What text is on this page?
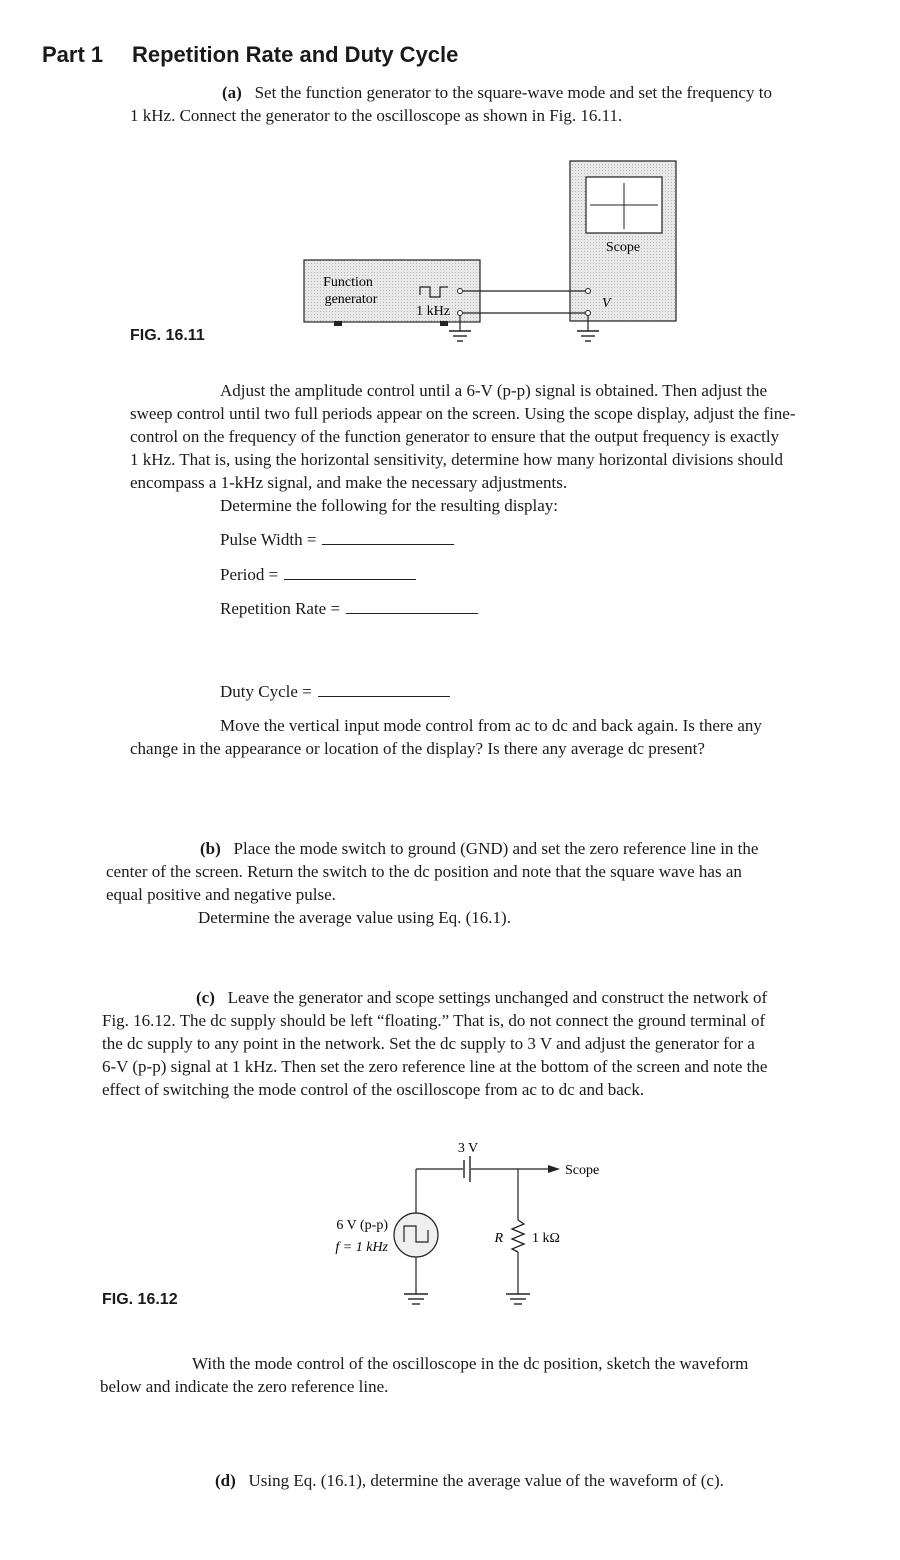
Part 1 Repetition Rate and Duty Cycle
(a) Set the function generator to the square-wave mode and set the frequency to
1 kHz. Connect the generator to the oscilloscope as shown in Fig. 16.11.
FIG. 16.11
Function
generator
1 kHz
Scope
V
Adjust the amplitude control until a 6-V (p-p) signal is obtained. Then adjust the
sweep control until two full periods appear on the screen. Using the scope display, adjust the fine-
control on the frequency of the function generator to ensure that the output frequency is exactly
1 kHz. That is, using the horizontal sensitivity, determine how many horizontal divisions should
encompass a 1-kHz signal, and make the necessary adjustments.
Determine the following for the resulting display:
Pulse Width =
Period =
Repetition Rate =
Duty Cycle =
Move the vertical input mode control from ac to dc and back again. Is there any
change in the appearance or location of the display? Is there any average dc present?
(b) Place the mode switch to ground (GND) and set the zero reference line in the
center of the screen. Return the switch to the dc position and note that the square wave has an
equal positive and negative pulse.
Determine the average value using Eq. (16.1).
(c) Leave the generator and scope settings unchanged and construct the network of
Fig. 16.12. The dc supply should be left “floating.” That is, do not connect the ground terminal of
the dc supply to any point in the network. Set the dc supply to 3 V and adjust the generator for a
6-V (p-p) signal at 1 kHz. Then set the zero reference line at the bottom of the screen and note the
effect of switching the mode control of the oscilloscope from ac to dc and back.
FIG. 16.12
3 V
Scope
6 V (p-p)
f = 1 kHz
R 1 kΩ
With the mode control of the oscilloscope in the dc position, sketch the waveform
below and indicate the zero reference line.
(d) Using Eq. (16.1), determine the average value of the waveform of (c).
